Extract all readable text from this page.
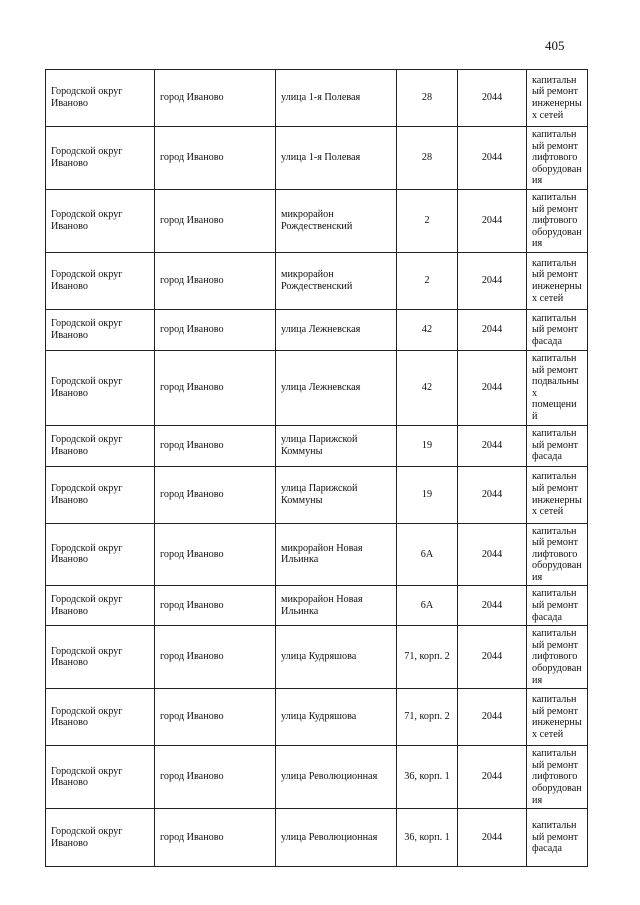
405
Городской округ Иваново	город Иваново	улица 1-я Полевая	28	2044	капитальный ремонт инженерных сетей
Городской округ Иваново	город Иваново	улица 1-я Полевая	28	2044	капитальный ремонт лифтового оборудования
Городской округ Иваново	город Иваново	микрорайон Рождественский	2	2044	капитальный ремонт лифтового оборудования
Городской округ Иваново	город Иваново	микрорайон Рождественский	2	2044	капитальный ремонт инженерных сетей
Городской округ Иваново	город Иваново	улица Лежневская	42	2044	капитальный ремонт фасада
Городской округ Иваново	город Иваново	улица Лежневская	42	2044	капитальный ремонт подвальных помещений
Городской округ Иваново	город Иваново	улица Парижской Коммуны	19	2044	капитальный ремонт фасада
Городской округ Иваново	город Иваново	улица Парижской Коммуны	19	2044	капитальный ремонт инженерных сетей
Городской округ Иваново	город Иваново	микрорайон Новая Ильинка	6А	2044	капитальный ремонт лифтового оборудования
Городской округ Иваново	город Иваново	микрорайон Новая Ильинка	6А	2044	капитальный ремонт фасада
Городской округ Иваново	город Иваново	улица Кудряшова	71, корп. 2	2044	капитальный ремонт лифтового оборудования
Городской округ Иваново	город Иваново	улица Кудряшова	71, корп. 2	2044	капитальный ремонт инженерных сетей
Городской округ Иваново	город Иваново	улица Революционная	36, корп. 1	2044	капитальный ремонт лифтового оборудования
Городской округ Иваново	город Иваново	улица Революционная	36, корп. 1	2044	капитальный ремонт фасада
